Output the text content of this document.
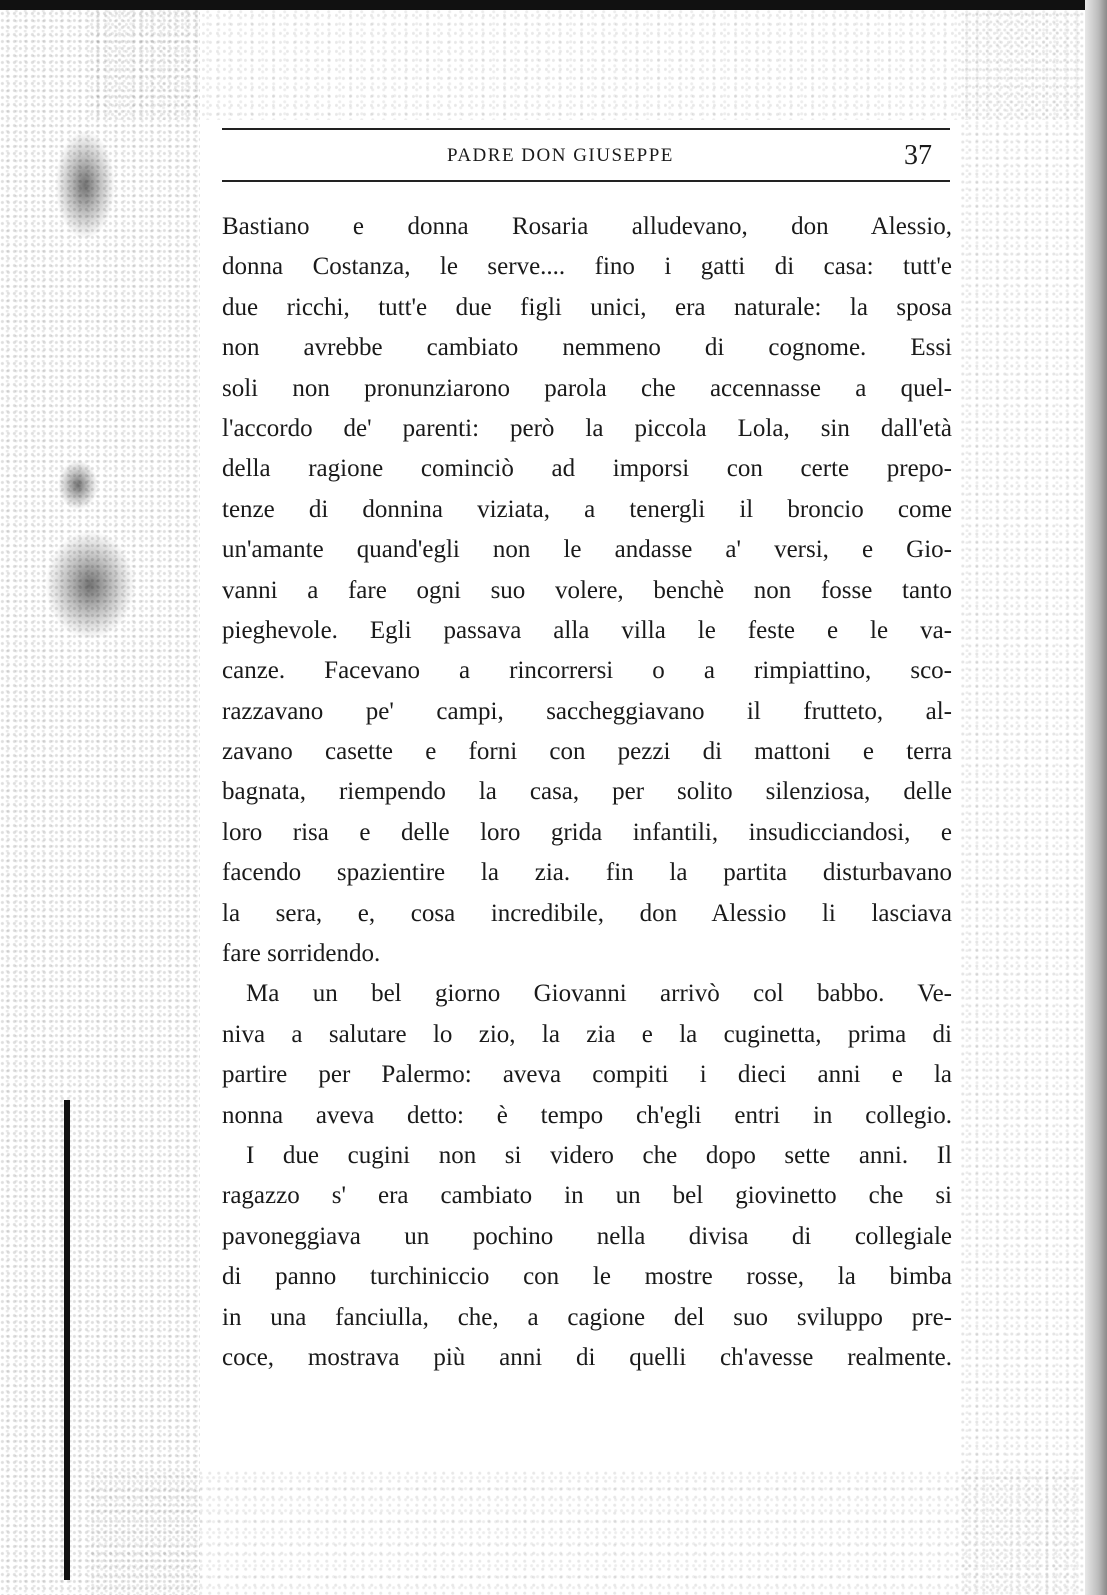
PADRE DON GIUSEPPE	37
Bastiano e donna Rosaria alludevano, don Alessio,
donna Costanza, le serve.... fino i gatti di casa: tutt'e
due ricchi, tutt'e due figli unici, era naturale: la sposa
non avrebbe cambiato nemmeno di cognome. Essi
soli non pronunziarono parola che accennasse a quel-
l'accordo de' parenti: però la piccola Lola, sin dall'età
della ragione cominciò ad imporsi con certe prepo-
tenze di donnina viziata, a tenergli il broncio come
un'amante quand'egli non le andasse a' versi, e Gio-
vanni a fare ogni suo volere, benchè non fosse tanto
pieghevole. Egli passava alla villa le feste e le va-
canze. Facevano a rincorrersi o a rimpiattino, sco-
razzavano pe' campi, saccheggiavano il frutteto, al-
zavano casette e forni con pezzi di mattoni e terra
bagnata, riempendo la casa, per solito silenziosa, delle
loro risa e delle loro grida infantili, insudicciandosi, e
facendo spazientire la zia. fin la partita disturbavano
la sera, e, cosa incredibile, don Alessio li lasciava
fare sorridendo.
Ma un bel giorno Giovanni arrivò col babbo. Ve-
niva a salutare lo zio, la zia e la cuginetta, prima di
partire per Palermo: aveva compiti i dieci anni e la
nonna aveva detto: è tempo ch'egli entri in collegio.
I due cugini non si videro che dopo sette anni. Il
ragazzo s' era cambiato in un bel giovinetto che si
pavoneggiava un pochino nella divisa di collegiale
di panno turchiniccio con le mostre rosse, la bimba
in una fanciulla, che, a cagione del suo sviluppo pre-
coce, mostrava più anni di quelli ch'avesse realmente.
